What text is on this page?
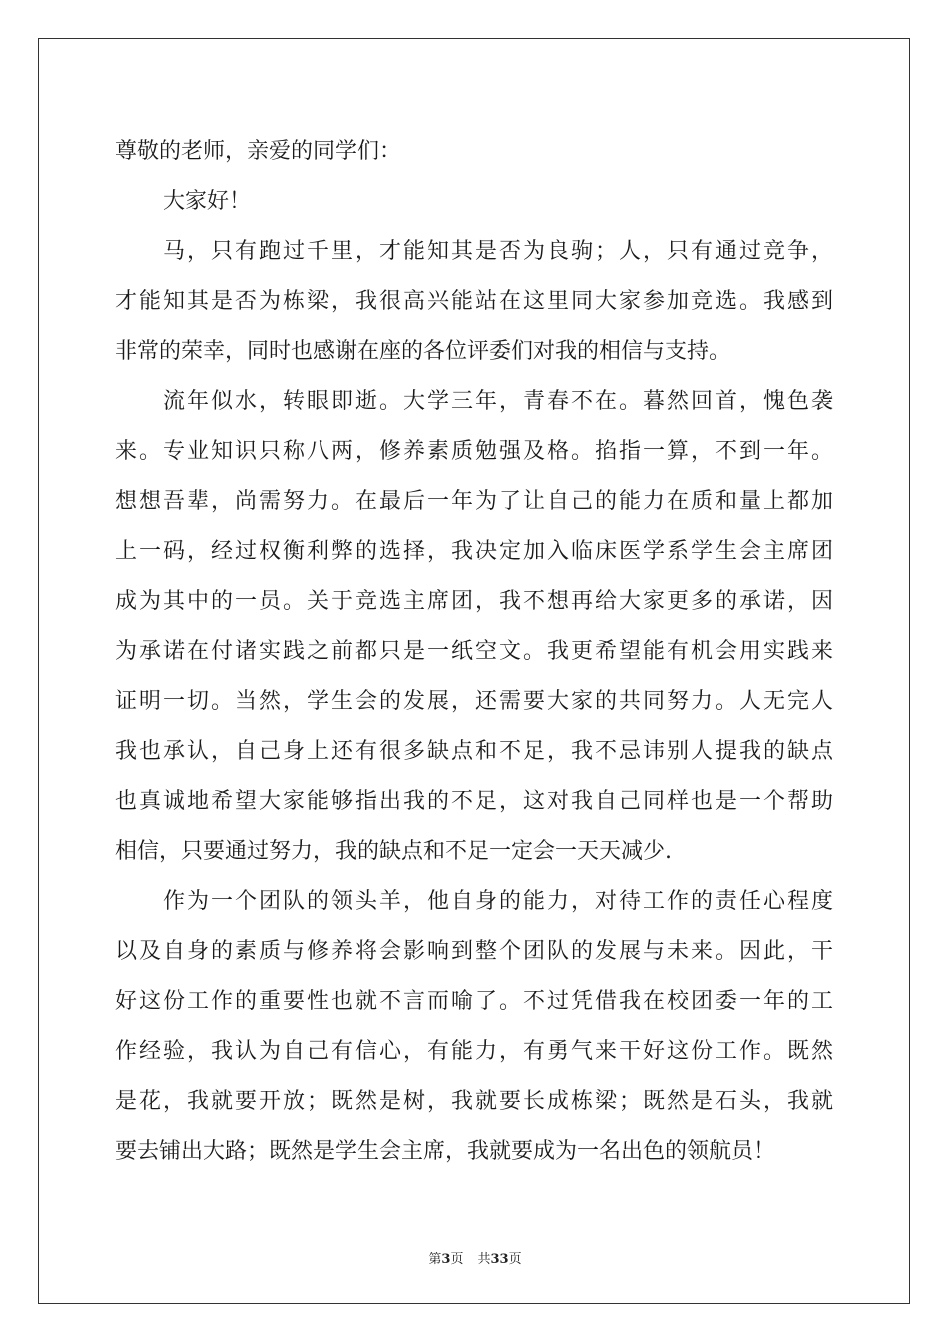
尊敬的老师，亲爱的同学们：
大家好！
马，只有跑过千里，才能知其是否为良驹；人，只有通过竞争，
才能知其是否为栋梁，我很高兴能站在这里同大家参加竞选。我感到
非常的荣幸，同时也感谢在座的各位评委们对我的相信与支持。
流年似水，转眼即逝。大学三年，青春不在。暮然回首，愧色袭
来。专业知识只称八两，修养素质勉强及格。掐指一算，不到一年。
想想吾辈，尚需努力。在最后一年为了让自己的能力在质和量上都加
上一码，经过权衡利弊的选择，我决定加入临床医学系学生会主席团
成为其中的一员。关于竞选主席团，我不想再给大家更多的承诺，因
为承诺在付诸实践之前都只是一纸空文。我更希望能有机会用实践来
证明一切。当然，学生会的发展，还需要大家的共同努力。人无完人
我也承认，自己身上还有很多缺点和不足，我不忌讳别人提我的缺点
也真诚地希望大家能够指出我的不足，这对我自己同样也是一个帮助
相信，只要通过努力，我的缺点和不足一定会一天天减少.
作为一个团队的领头羊，他自身的能力，对待工作的责任心程度
以及自身的素质与修养将会影响到整个团队的发展与未来。因此，干
好这份工作的重要性也就不言而喻了。不过凭借我在校团委一年的工
作经验，我认为自己有信心，有能力，有勇气来干好这份工作。既然
是花，我就要开放；既然是树，我就要长成栋梁；既然是石头，我就
要去铺出大路；既然是学生会主席，我就要成为一名出色的领航员！
第3页 共33页
